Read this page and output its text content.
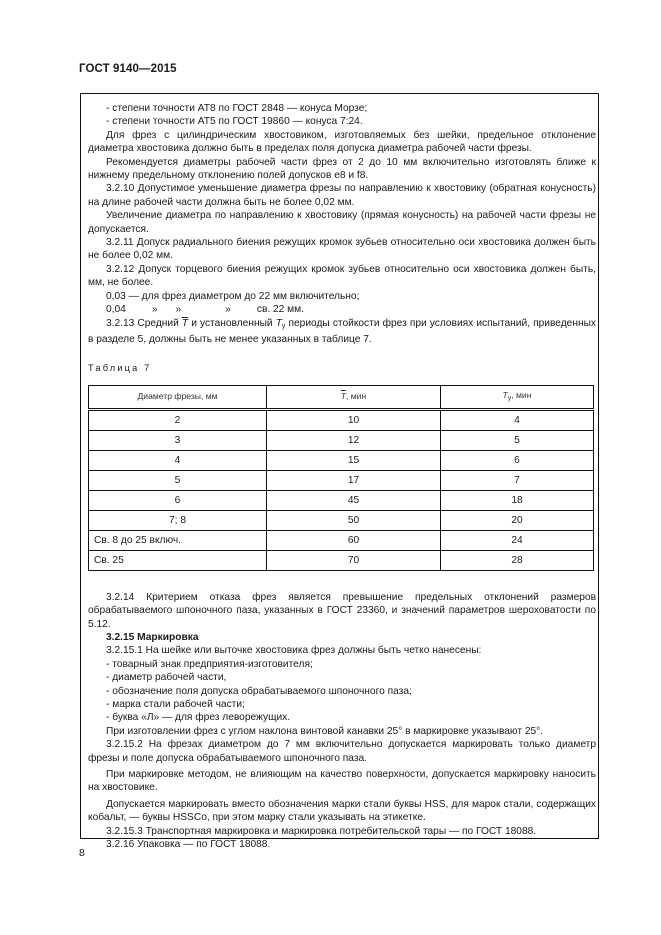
ГОСТ 9140—2015

- степени точности АТ8 по ГОСТ 2848 — конуса Морзе;

- степени точности АТ5 по ГОСТ 19860 — конуса 7:24.

Для фрез с цилиндрическим хвостовиком, изготовляемых без шейки, предельное отклонение диаметра хвостовика должно быть в пределах поля допуска диаметра рабочей части фрезы.

Рекомендуется диаметры рабочей части фрез от 2 до 10 мм включительно изготовлять ближе к нижнему предельному отклонению полей допусков е8 и f8.

3.2.10 Допустимое уменьшение диаметра фрезы по направлению к хвостовику (обратная конусность) на длине рабочей части должна быть не более 0,02 мм.

Увеличение диаметра по направлению к хвостовику (прямая конусность) на рабочей части фрезы не допускается.

3.2.11 Допуск радиального биения режущих кромок зубьев относительно оси хвостовика должен быть не более 0,02 мм.

3.2.12 Допуск торцевого биения режущих кромок зубьев относительно оси хвостовика должен быть, мм, не более.

0,03 — для фрез диаметром до 22 мм включительно;

0,04	» »	»	св. 22 мм.

3.2.13 Средний $\overline{T}$ и установленный $T_у$ периоды стойкости фрез при условиях испытаний, приведенных в разделе 5, должны быть не менее указанных в таблице 7.

Таблица 7
Диаметр фрезы, мм	$\overline{T}$, мин	$T_у$, мин
2	10	4
3	12	5
4	15	6
5	17	7
6	45	18
7; 8	50	20
Св. 8 до 25 включ.	60	24
Св. 25	70	28

3.2.14 Критерием отказа фрез является превышение предельных отклонений размеров обрабатываемого шпоночного паза, указанных в ГОСТ 23360, и значений параметров шероховатости по 5.12.

3.2.15 Маркировка

3.2.15.1 На шейке или выточке хвостовика фрез должны быть четко нанесены:

- товарный знак предприятия-изготовителя;

- диаметр рабочей части,

- обозначение поля допуска обрабатываемого шпоночного паза;

- марка стали рабочей части;

- буква «Л» — для фрез леворежущих.

При изготовлении фрез с углом наклона винтовой канавки 25° в маркировке указывают 25°.

3.2.15.2 На фрезах диаметром до 7 мм включительно допускается маркировать только диаметр фрезы и поле допуска обрабатываемого шпоночного паза.

При маркировке методом, не влияющим на качество поверхности, допускается маркировку наносить на хвостовике.

Допускается маркировать вместо обозначения марки стали буквы HSS, для марок стали, содержащих кобальт, — буквы HSSCo, при этом марку стали указывать на этикетке.

3.2.15.3 Транспортная маркировка и маркировка потребительской тары — по ГОСТ 18088.

3.2.16 Упаковка — по ГОСТ 18088.

8
